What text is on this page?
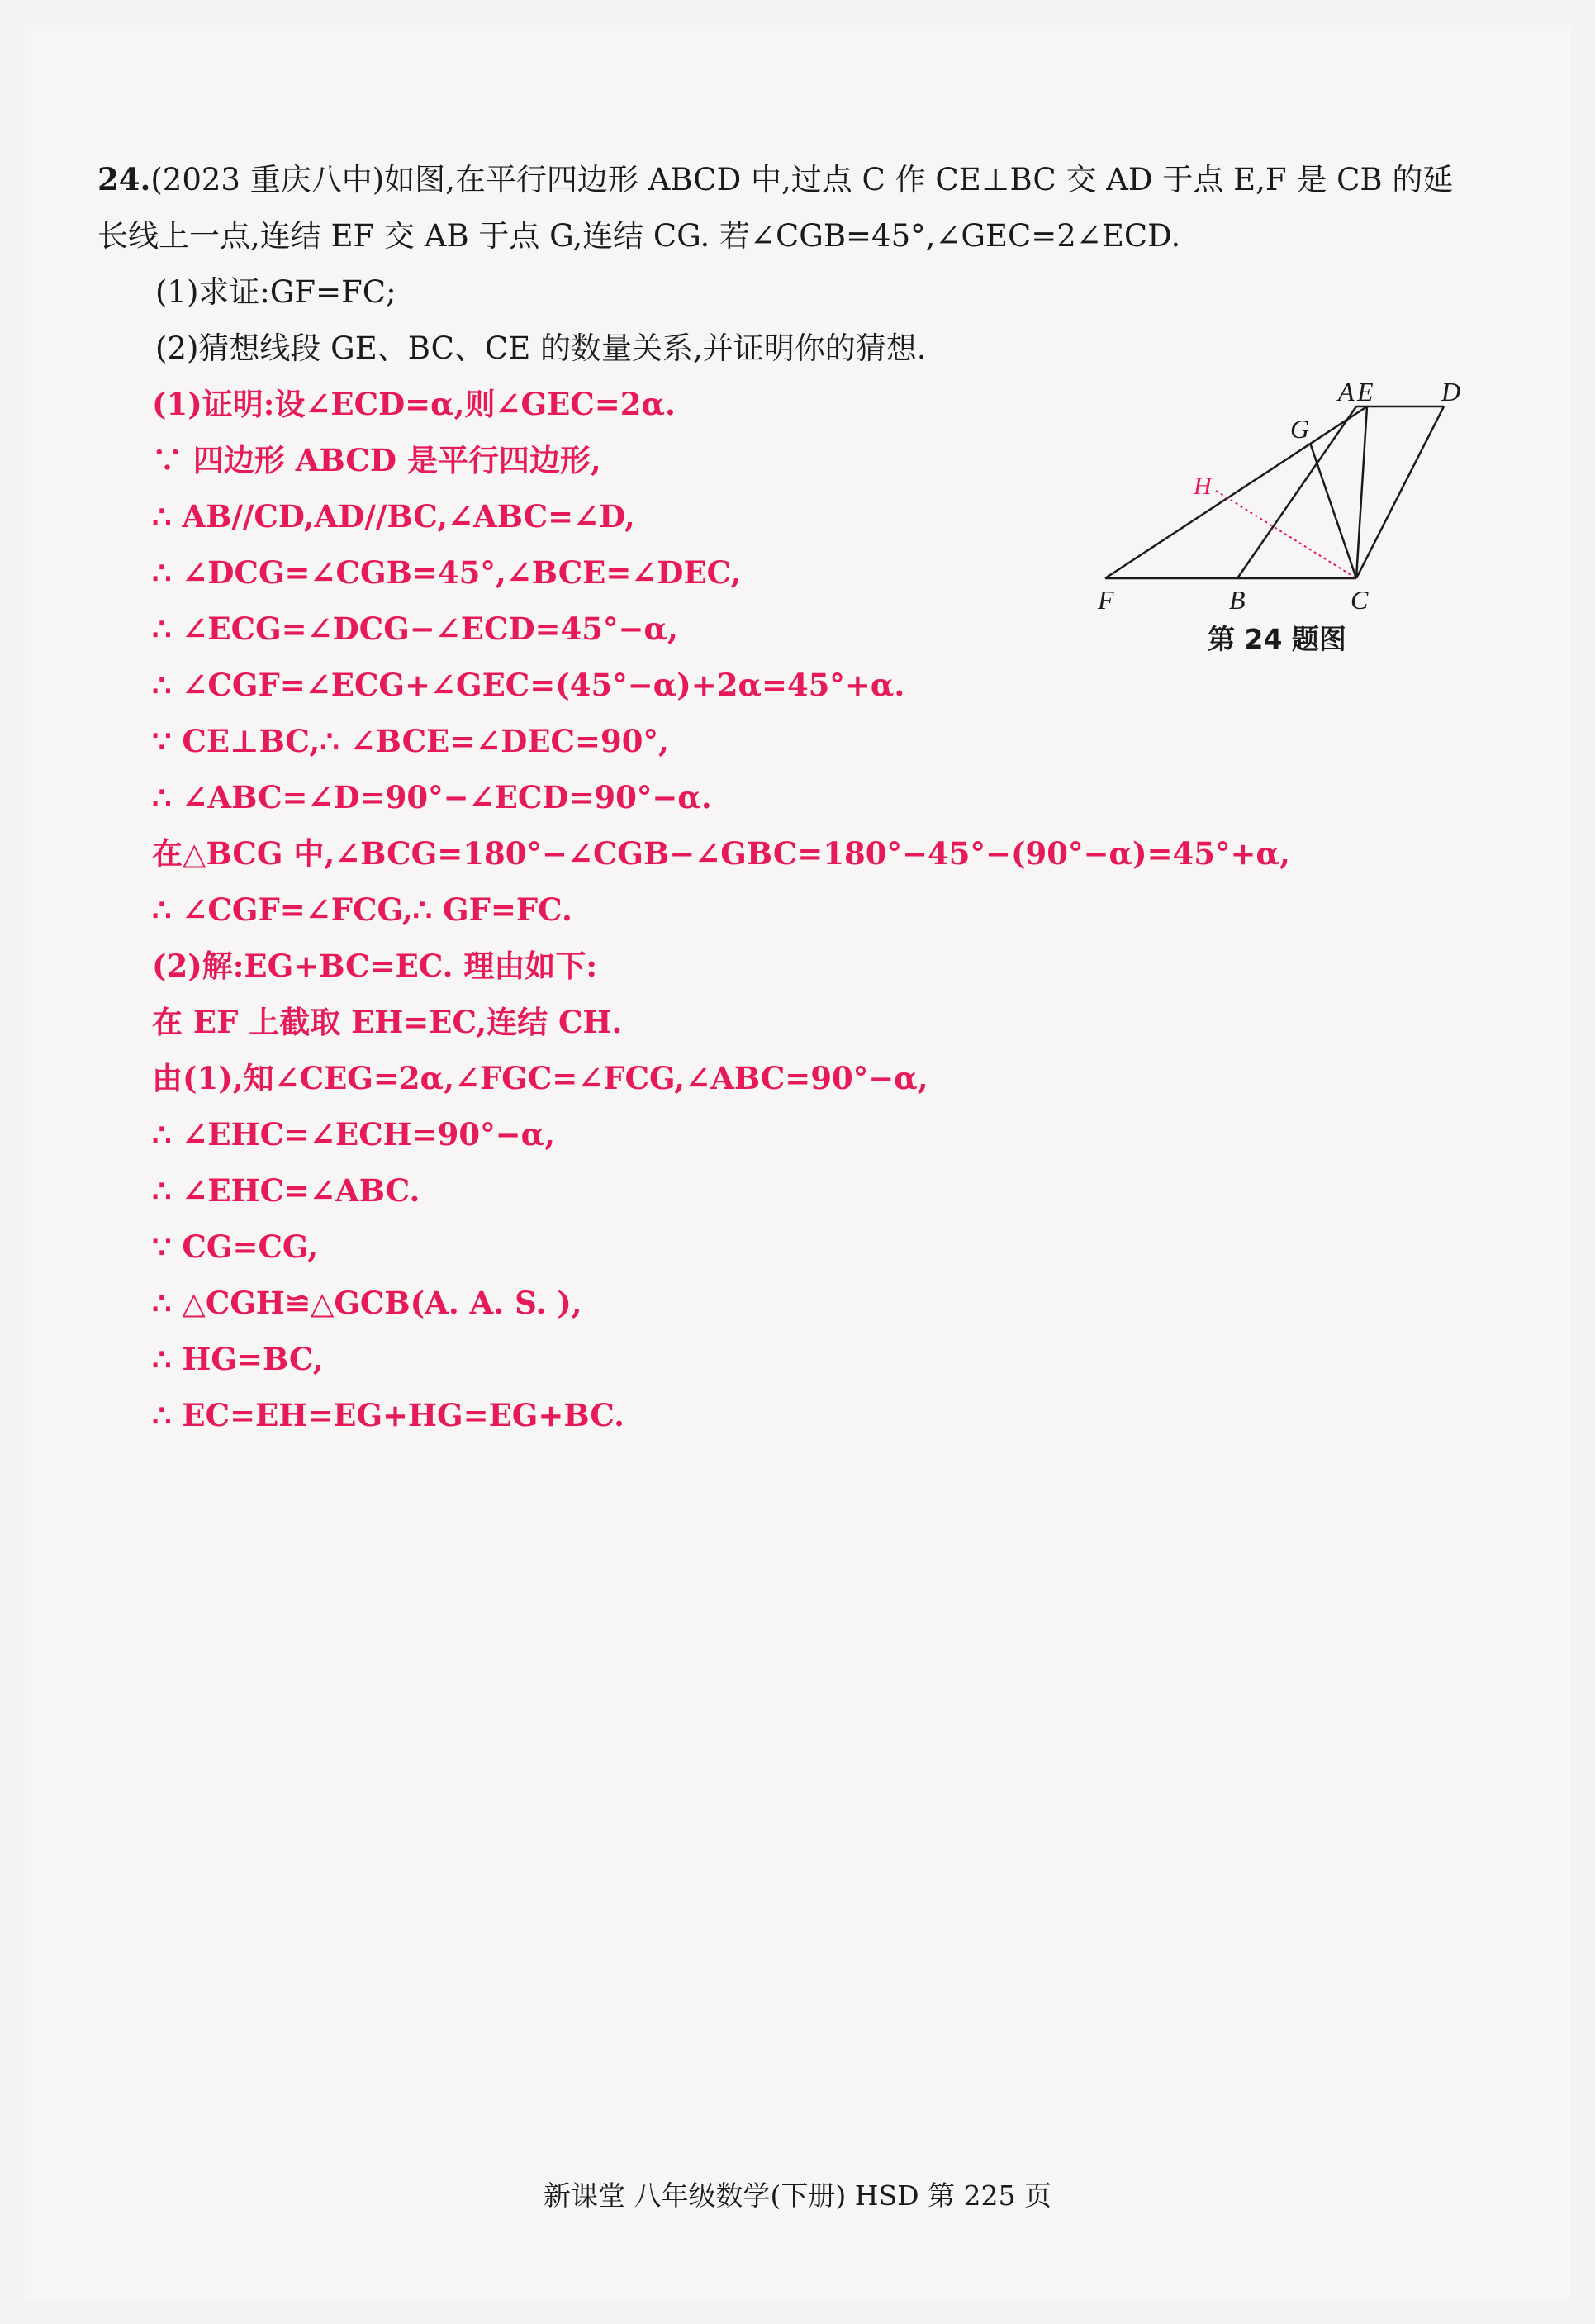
24.(2023 重庆八中)如图,在平行四边形 ABCD 中,过点 C 作 CE⊥BC 交 AD 于点 E,F 是 CB 的延
长线上一点,连结 EF 交 AB 于点 G,连结 CG. 若∠CGB=45°,∠GEC=2∠ECD.
(1)求证:GF=FC;
(2)猜想线段 GE、BC、CE 的数量关系,并证明你的猜想.
(1)证明:设∠ECD=α,则∠GEC=2α.
∵ 四边形 ABCD 是平行四边形,
∴ AB//CD,AD//BC,∠ABC=∠D,
∴ ∠DCG=∠CGB=45°,∠BCE=∠DEC,
∴ ∠ECG=∠DCG−∠ECD=45°−α,
∴ ∠CGF=∠ECG+∠GEC=(45°−α)+2α=45°+α.
∵ CE⊥BC,∴ ∠BCE=∠DEC=90°,
∴ ∠ABC=∠D=90°−∠ECD=90°−α.
在△BCG 中,∠BCG=180°−∠CGB−∠GBC=180°−45°−(90°−α)=45°+α,
∴ ∠CGF=∠FCG,∴ GF=FC.
(2)解:EG+BC=EC. 理由如下:
在 EF 上截取 EH=EC,连结 CH.
由(1),知∠CEG=2α,∠FGC=∠FCG,∠ABC=90°−α,
∴ ∠EHC=∠ECH=90°−α,
∴ ∠EHC=∠ABC.
∵ CG=CG,
∴ △CGH≌△GCB(A. A. S. ),
∴ HG=BC,
∴ EC=EH=EG+HG=EG+BC.
A E	D
G
H
F	B	C
第 24 题图
新课堂 八年级数学(下册) HSD 第 225 页
